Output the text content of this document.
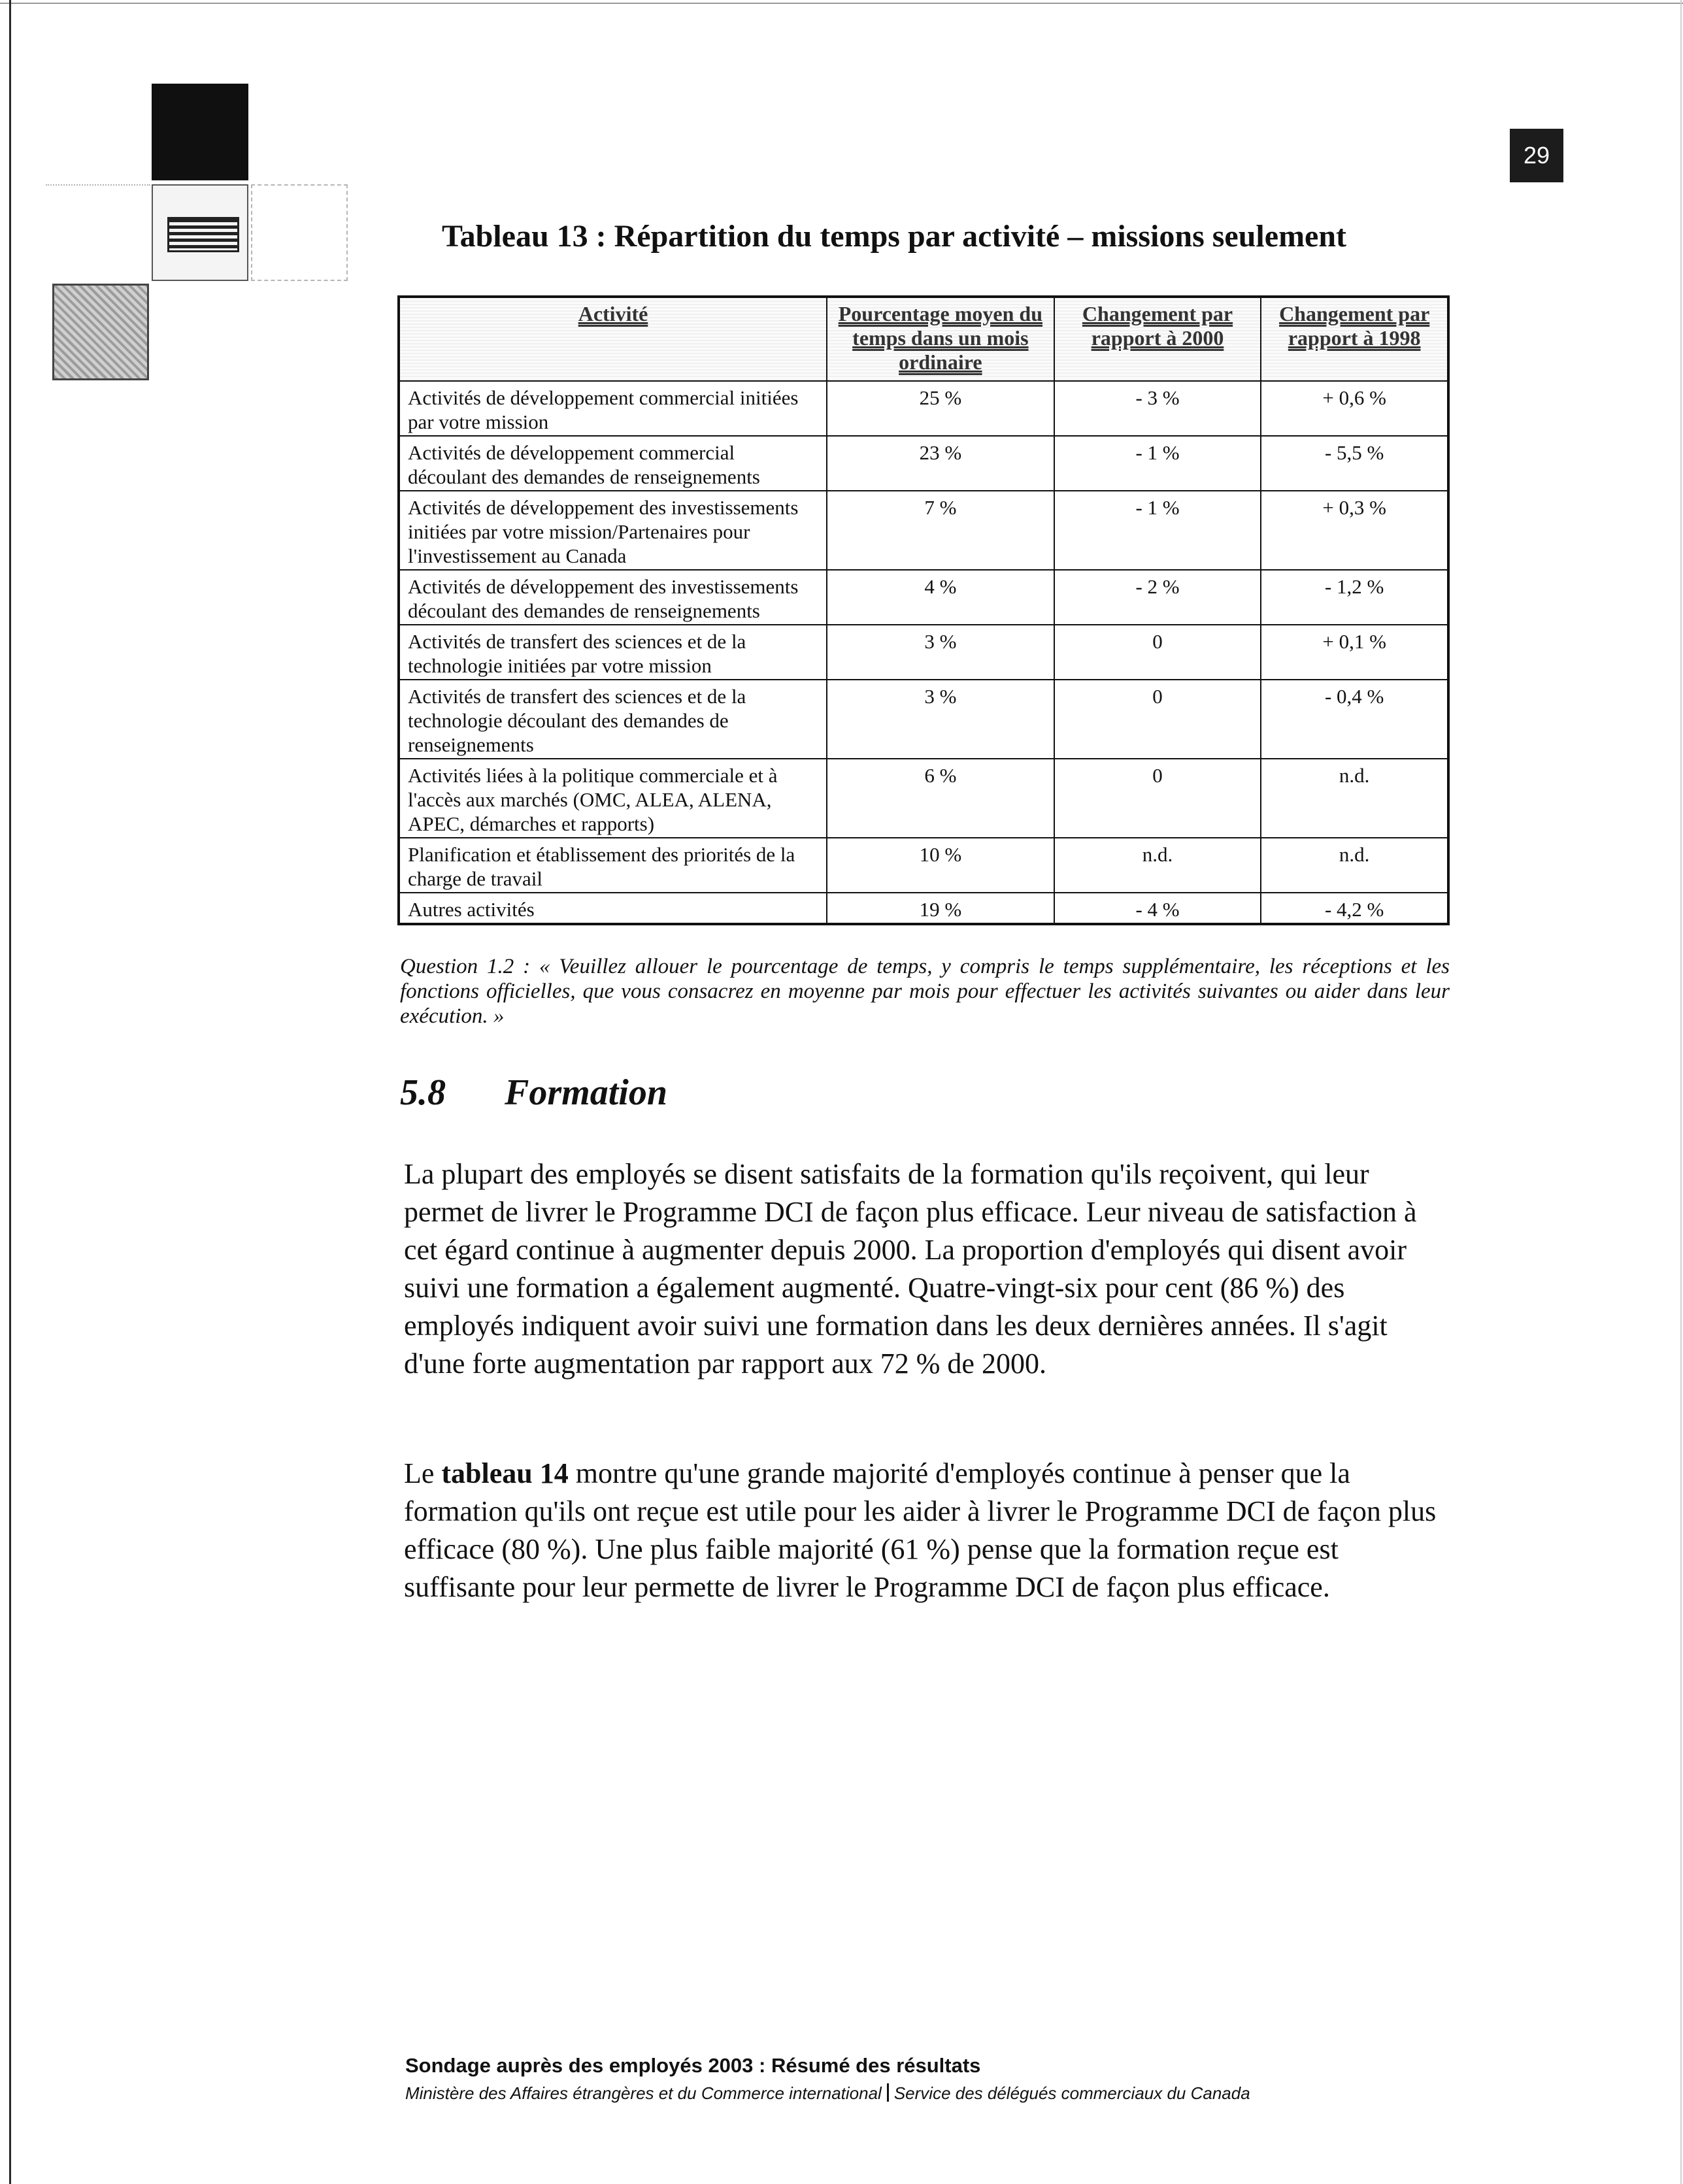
29
Tableau 13 : Répartition du temps par activité – missions seulement
Activité	Pourcentage moyen du temps dans un mois ordinaire	Changement par rapport à 2000	Changement par rapport à 1998
Activités de développement commercial initiées par votre mission	25 %	- 3 %	+ 0,6 %
Activités de développement commercial découlant des demandes de renseignements	23 %	- 1 %	- 5,5 %
Activités de développement des investissements initiées par votre mission/Partenaires pour l'investissement au Canada	7 %	- 1 %	+ 0,3 %
Activités de développement des investissements découlant des demandes de renseignements	4 %	- 2 %	- 1,2 %
Activités de transfert des sciences et de la technologie initiées par votre mission	3 %	0	+ 0,1 %
Activités de transfert des sciences et de la technologie découlant des demandes de renseignements	3 %	0	- 0,4 %
Activités liées à la politique commerciale et à l'accès aux marchés (OMC, ALEA, ALENA, APEC, démarches et rapports)	6 %	0	n.d.
Planification et établissement des priorités de la charge de travail	10 %	n.d.	n.d.
Autres activités	19 %	- 4 %	- 4,2 %
Question 1.2 : « Veuillez allouer le pourcentage de temps, y compris le temps supplémentaire, les réceptions et les fonctions officielles, que vous consacrez en moyenne par mois pour effectuer les activités suivantes ou aider dans leur exécution. »
5.8 Formation
La plupart des employés se disent satisfaits de la formation qu'ils reçoivent, qui leur permet de livrer le Programme DCI de façon plus efficace. Leur niveau de satisfaction à cet égard continue à augmenter depuis 2000. La proportion d'employés qui disent avoir suivi une formation a également augmenté. Quatre-vingt-six pour cent (86 %) des employés indiquent avoir suivi une formation dans les deux dernières années. Il s'agit d'une forte augmentation par rapport aux 72 % de 2000.
Le tableau 14 montre qu'une grande majorité d'employés continue à penser que la formation qu'ils ont reçue est utile pour les aider à livrer le Programme DCI de façon plus efficace (80 %). Une plus faible majorité (61 %) pense que la formation reçue est suffisante pour leur permette de livrer le Programme DCI de façon plus efficace.
Sondage auprès des employés 2003 : Résumé des résultats
Ministère des Affaires étrangères et du Commerce international Service des délégués commerciaux du Canada
